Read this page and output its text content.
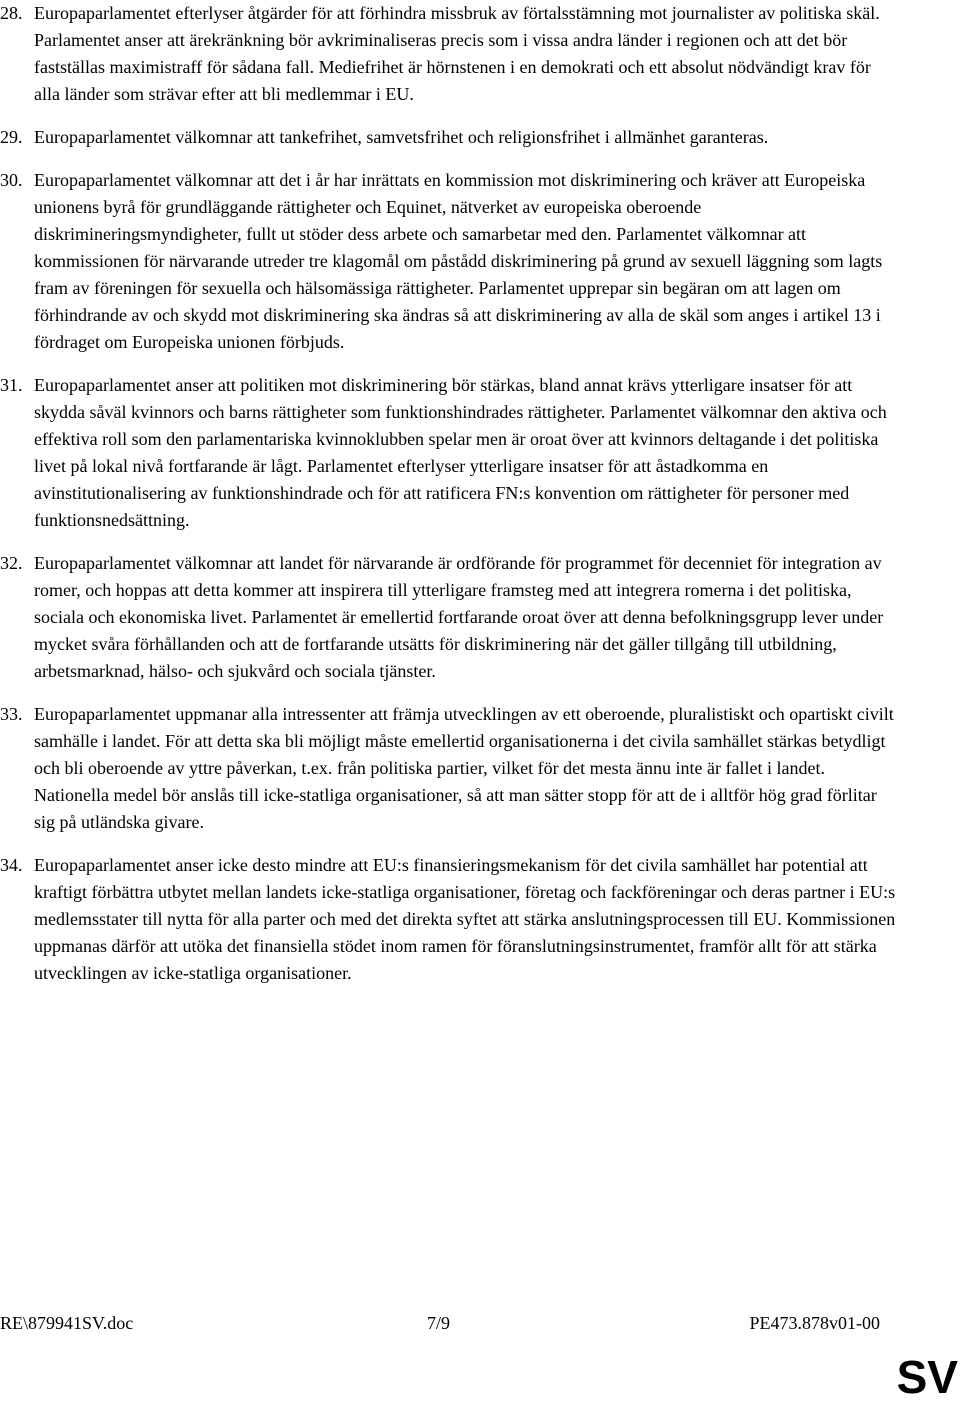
28. Europaparlamentet efterlyser åtgärder för att förhindra missbruk av förtalsstämning mot journalister av politiska skäl. Parlamentet anser att ärekränkning bör avkriminaliseras precis som i vissa andra länder i regionen och att det bör fastställas maximistraff för sådana fall. Mediefrihet är hörnstenen i en demokrati och ett absolut nödvändigt krav för alla länder som strävar efter att bli medlemmar i EU.
29. Europaparlamentet välkomnar att tankefrihet, samvetsfrihet och religionsfrihet i allmänhet garanteras.
30. Europaparlamentet välkomnar att det i år har inrättats en kommission mot diskriminering och kräver att Europeiska unionens byrå för grundläggande rättigheter och Equinet, nätverket av europeiska oberoende diskrimineringsmyndigheter, fullt ut stöder dess arbete och samarbetar med den. Parlamentet välkomnar att kommissionen för närvarande utreder tre klagomål om påstådd diskriminering på grund av sexuell läggning som lagts fram av föreningen för sexuella och hälsomässiga rättigheter. Parlamentet upprepar sin begäran om att lagen om förhindrande av och skydd mot diskriminering ska ändras så att diskriminering av alla de skäl som anges i artikel 13 i fördraget om Europeiska unionen förbjuds.
31. Europaparlamentet anser att politiken mot diskriminering bör stärkas, bland annat krävs ytterligare insatser för att skydda såväl kvinnors och barns rättigheter som funktionshindrades rättigheter. Parlamentet välkomnar den aktiva och effektiva roll som den parlamentariska kvinnoklubben spelar men är oroat över att kvinnors deltagande i det politiska livet på lokal nivå fortfarande är lågt. Parlamentet efterlyser ytterligare insatser för att åstadkomma en avinstitutionalisering av funktionshindrade och för att ratificera FN:s konvention om rättigheter för personer med funktionsnedsättning.
32. Europaparlamentet välkomnar att landet för närvarande är ordförande för programmet för decenniet för integration av romer, och hoppas att detta kommer att inspirera till ytterligare framsteg med att integrera romerna i det politiska, sociala och ekonomiska livet. Parlamentet är emellertid fortfarande oroat över att denna befolkningsgrupp lever under mycket svåra förhållanden och att de fortfarande utsätts för diskriminering när det gäller tillgång till utbildning, arbetsmarknad, hälso- och sjukvård och sociala tjänster.
33. Europaparlamentet uppmanar alla intressenter att främja utvecklingen av ett oberoende, pluralistiskt och opartiskt civilt samhälle i landet. För att detta ska bli möjligt måste emellertid organisationerna i det civila samhället stärkas betydligt och bli oberoende av yttre påverkan, t.ex. från politiska partier, vilket för det mesta ännu inte är fallet i landet. Nationella medel bör anslås till icke-statliga organisationer, så att man sätter stopp för att de i alltför hög grad förlitar sig på utländska givare.
34. Europaparlamentet anser icke desto mindre att EU:s finansieringsmekanism för det civila samhället har potential att kraftigt förbättra utbytet mellan landets icke-statliga organisationer, företag och fackföreningar och deras partner i EU:s medlemsstater till nytta för alla parter och med det direkta syftet att stärka anslutningsprocessen till EU. Kommissionen uppmanas därför att utöka det finansiella stödet inom ramen för föranslutningsinstrumentet, framför allt för att stärka utvecklingen av icke-statliga organisationer.
RE\879941SV.doc	7/9	PE473.878v01-00
SV
